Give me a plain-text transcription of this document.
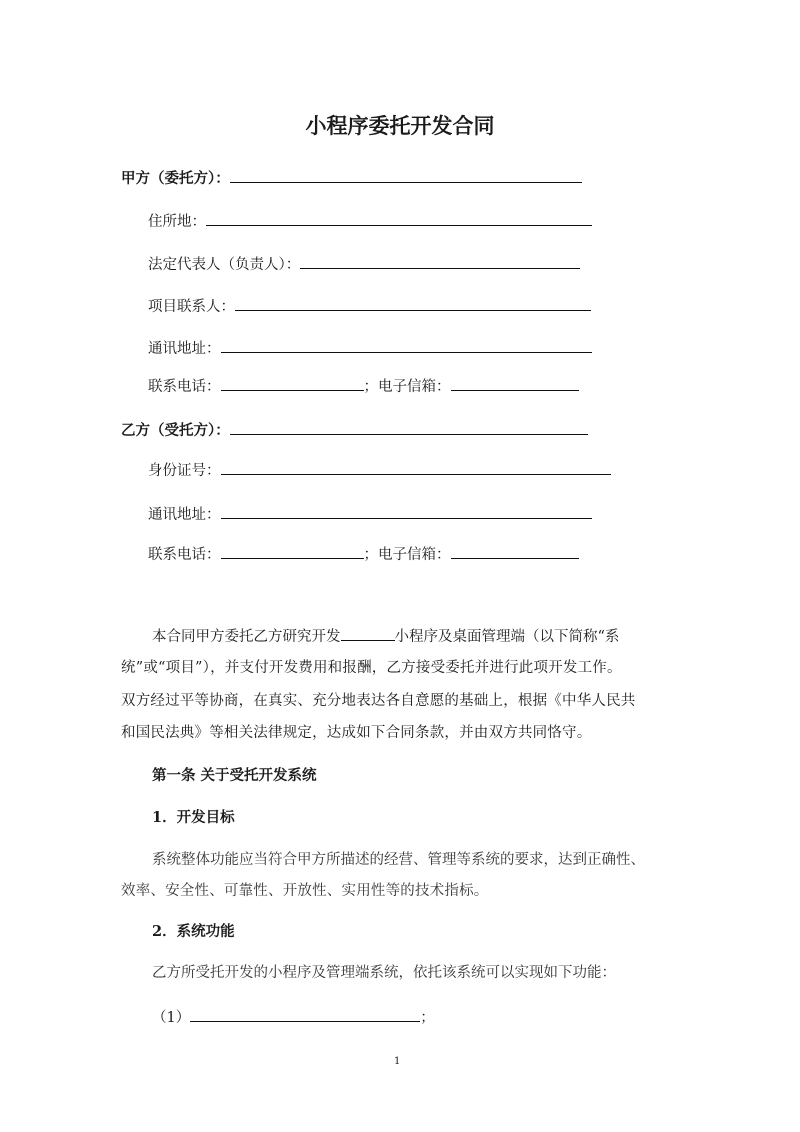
小程序委托开发合同
甲方（委托方）：
住所地：
法定代表人（负责人）：
项目联系人：
通讯地址：
联系电话：	；电子信箱：
乙方（受托方）：
身份证号：
通讯地址：
联系电话：	；电子信箱：
本合同甲方委托乙方研究开发	小程序及桌面管理端（以下简称“系
统”或“项目”），并支付开发费用和报酬，乙方接受委托并进行此项开发工作。
双方经过平等协商，在真实、充分地表达各自意愿的基础上，根据《中华人民共
和国民法典》等相关法律规定，达成如下合同条款，并由双方共同恪守。
第一条 关于受托开发系统
1．开发目标
系统整体功能应当符合甲方所描述的经营、管理等系统的要求，达到正确性、
效率、安全性、可靠性、开放性、实用性等的技术指标。
2．系统功能
乙方所受托开发的小程序及管理端系统，依托该系统可以实现如下功能：
（1）	；
1
